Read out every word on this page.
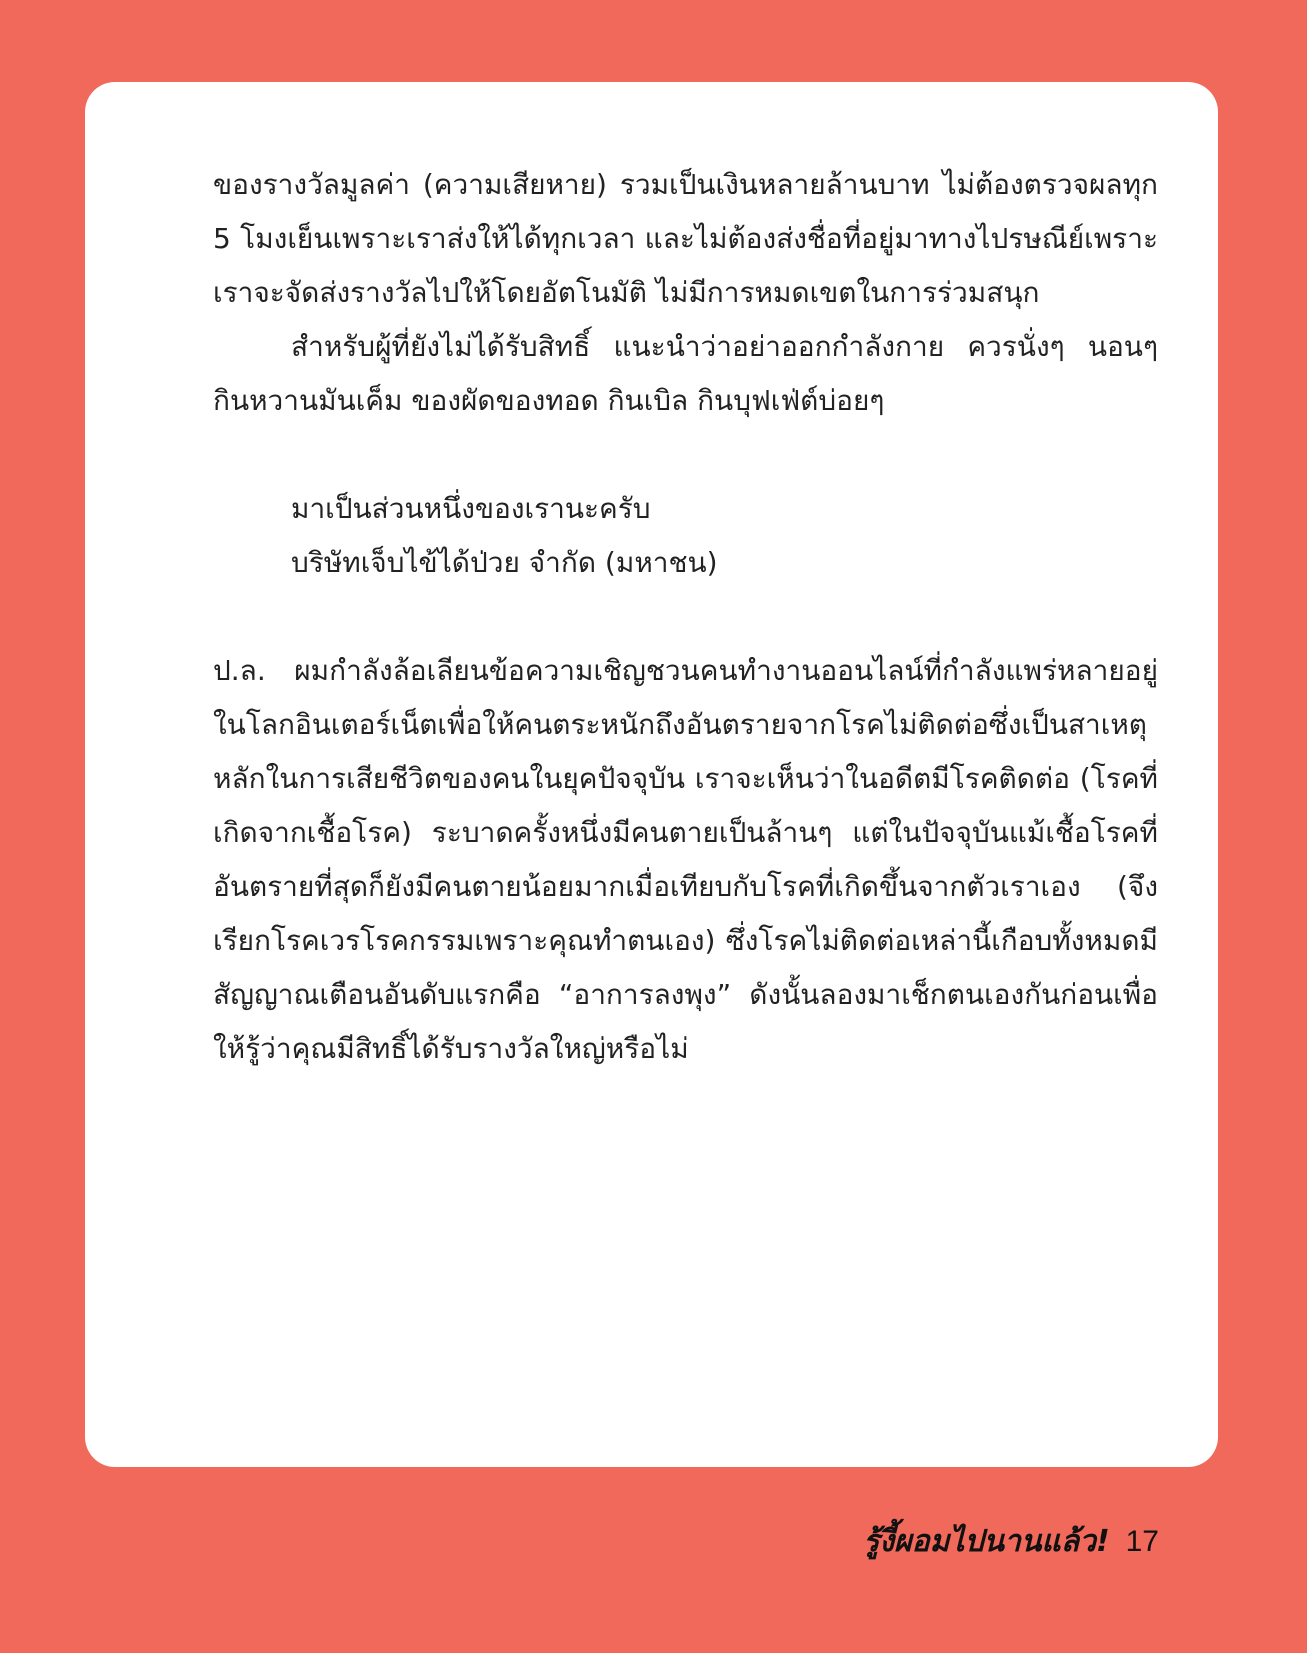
ของรางวัลมูลค่า (ความเสียหาย) รวมเป็นเงินหลายล้านบาท ไม่ต้องตรวจผลทุก 5 โมงเย็นเพราะเราส่งให้ได้ทุกเวลา และไม่ต้องส่งชื่อที่อยู่มาทางไปรษณีย์เพราะเราจะจัดส่งรางวัลไปให้โดยอัตโนมัติ ไม่มีการหมดเขตในการร่วมสนุก

สำหรับผู้ที่ยังไม่ได้รับสิทธิ์ แนะนำว่าอย่าออกกำลังกาย ควรนั่งๆ นอนๆ กินหวานมันเค็ม ของผัดของทอด กินเบิล กินบุฟเฟ่ต์บ่อยๆ

มาเป็นส่วนหนึ่งของเรานะครับ

บริษัทเจ็บไข้ได้ป่วย จำกัด (มหาชน)

ป.ล. ผมกำลังล้อเลียนข้อความเชิญชวนคนทำงานออนไลน์ที่กำลังแพร่หลายอยู่ในโลกอินเตอร์เน็ตเพื่อให้คนตระหนักถึงอันตรายจากโรคไม่ติดต่อซึ่งเป็นสาเหตุหลักในการเสียชีวิตของคนในยุคปัจจุบัน เราจะเห็นว่าในอดีตมีโรคติดต่อ (โรคที่เกิดจากเชื้อโรค) ระบาดครั้งหนึ่งมีคนตายเป็นล้านๆ แต่ในปัจจุบันแม้เชื้อโรคที่อันตรายที่สุดก็ยังมีคนตายน้อยมากเมื่อเทียบกับโรคที่เกิดขึ้นจากตัวเราเอง (จึงเรียกโรคเวรโรคกรรมเพราะคุณทำตนเอง) ซึ่งโรคไม่ติดต่อเหล่านี้เกือบทั้งหมดมีสัญญาณเตือนอันดับแรกคือ “อาการลงพุง” ดังนั้นลองมาเช็กตนเองกันก่อนเพื่อให้รู้ว่าคุณมีสิทธิ์ได้รับรางวัลใหญ่หรือไม่

รู้งี้ผอมไปนานแล้ว! 17
